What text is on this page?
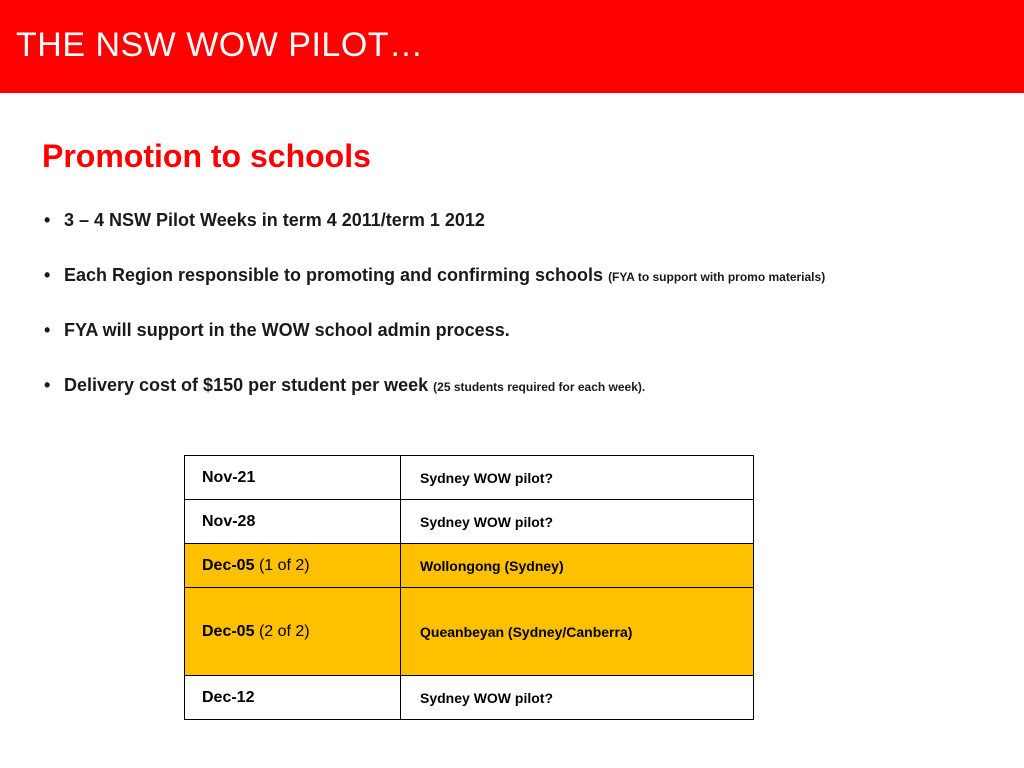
THE NSW WOW PILOT…
Promotion to schools
• 3 – 4 NSW Pilot Weeks in term 4 2011/term 1 2012
• Each Region responsible to promoting and confirming schools (FYA to support with promo materials)
• FYA will support in the WOW school admin process.
• Delivery cost of $150 per student per week (25 students required for each week).
Nov-21	Sydney WOW pilot?
Nov-28	Sydney WOW pilot?
Dec-05 (1 of 2)	Wollongong (Sydney)
Dec-05 (2 of 2)	Queanbeyan (Sydney/Canberra)
Dec-12	Sydney WOW pilot?
